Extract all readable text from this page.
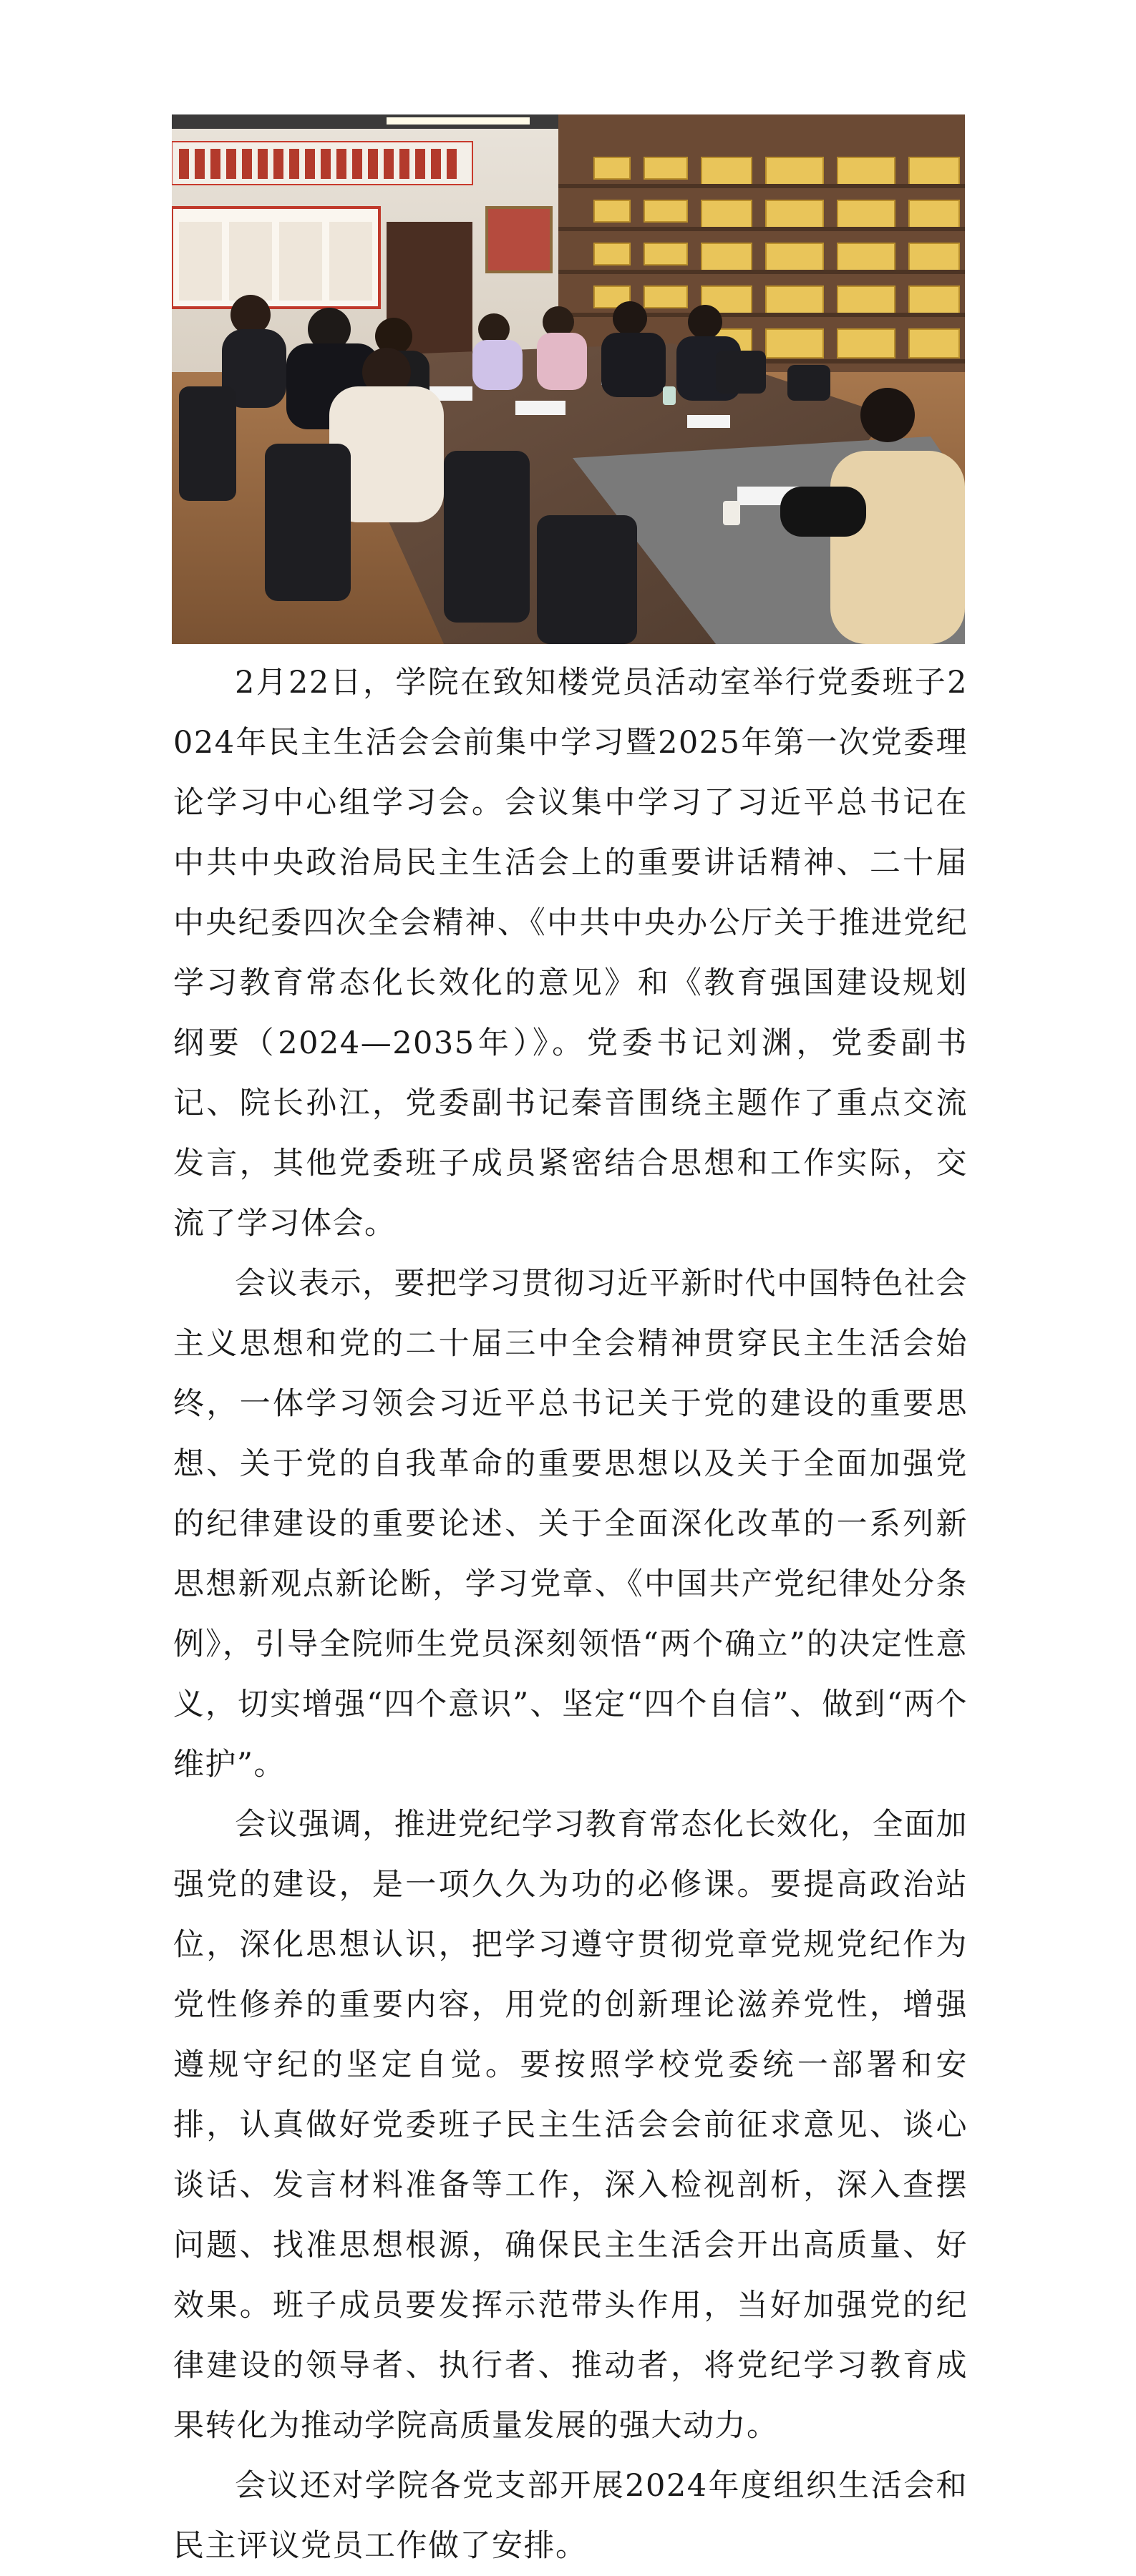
2月22日，学院在致知楼党员活动室举行党委班子2024年民主生活会会前集中学习暨2025年第一次党委理论学习中心组学习会。会议集中学习了习近平总书记在中共中央政治局民主生活会上的重要讲话精神、二十届中央纪委四次全会精神、《中共中央办公厅关于推进党纪学习教育常态化长效化的意见》和《教育强国建设规划纲要（2024—2035年）》。党委书记刘渊，党委副书记、院长孙江，党委副书记秦音围绕主题作了重点交流发言，其他党委班子成员紧密结合思想和工作实际，交流了学习体会。

会议表示，要把学习贯彻习近平新时代中国特色社会主义思想和党的二十届三中全会精神贯穿民主生活会始终，一体学习领会习近平总书记关于党的建设的重要思想、关于党的自我革命的重要思想以及关于全面加强党的纪律建设的重要论述、关于全面深化改革的一系列新思想新观点新论断，学习党章、《中国共产党纪律处分条例》，引导全院师生党员深刻领悟“两个确立”的决定性意义，切实增强“四个意识”、坚定“四个自信”、做到“两个维护”。

会议强调，推进党纪学习教育常态化长效化，全面加强党的建设，是一项久久为功的必修课。要提高政治站位，深化思想认识，把学习遵守贯彻党章党规党纪作为党性修养的重要内容，用党的创新理论滋养党性，增强遵规守纪的坚定自觉。要按照学校党委统一部署和安排，认真做好党委班子民主生活会会前征求意见、谈心谈话、发言材料准备等工作，深入检视剖析，深入查摆问题、找准思想根源，确保民主生活会开出高质量、好效果。班子成员要发挥示范带头作用，当好加强党的纪律建设的领导者、执行者、推动者，将党纪学习教育成果转化为推动学院高质量发展的强大动力。

会议还对学院各党支部开展2024年度组织生活会和民主评议党员工作做了安排。
